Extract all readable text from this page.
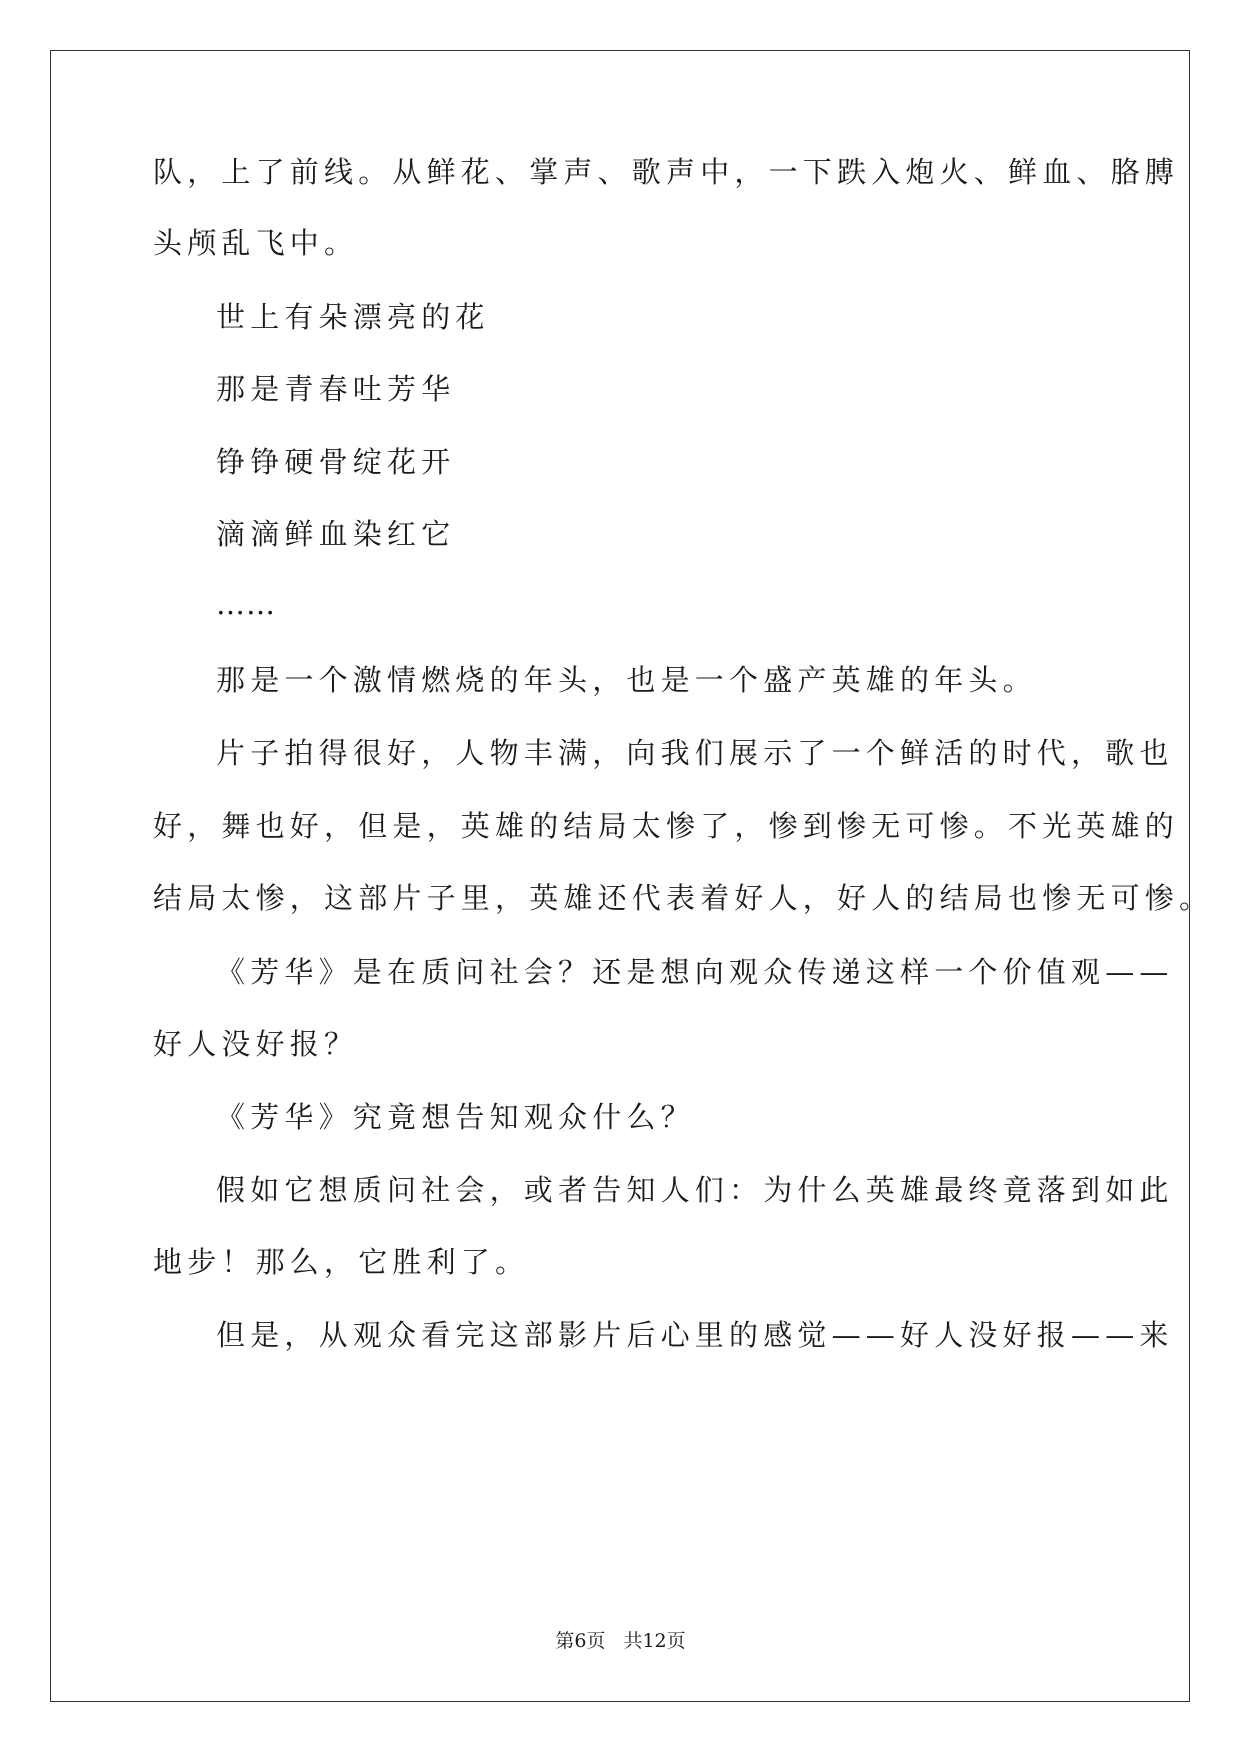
队，上了前线。从鲜花、掌声、歌声中，一下跌入炮火、鲜血、胳膊
头颅乱飞中。
世上有朵漂亮的花
那是青春吐芳华
铮铮硬骨绽花开
滴滴鲜血染红它
……
那是一个激情燃烧的年头，也是一个盛产英雄的年头。
片子拍得很好，人物丰满，向我们展示了一个鲜活的时代，歌也
好，舞也好，但是，英雄的结局太惨了，惨到惨无可惨。不光英雄的
结局太惨，这部片子里，英雄还代表着好人，好人的结局也惨无可惨。
《芳华》是在质问社会？还是想向观众传递这样一个价值观——
好人没好报？
《芳华》究竟想告知观众什么？
假如它想质问社会，或者告知人们：为什么英雄最终竟落到如此
地步！那么，它胜利了。
但是，从观众看完这部影片后心里的感觉——好人没好报——来
第6页 共12页
